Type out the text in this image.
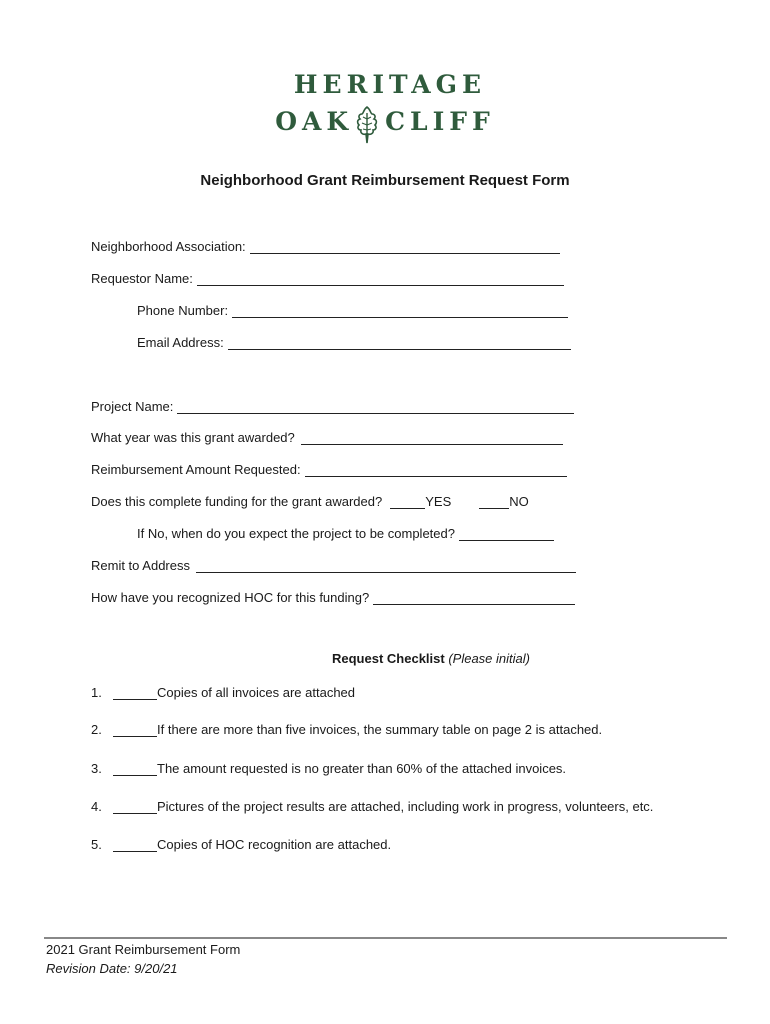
HERITAGE
OAK CLIFF
Neighborhood Grant Reimbursement Request Form
Neighborhood Association:
Requestor Name:
Phone Number:
Email Address:
Project Name:
What year was this grant awarded?
Reimbursement Amount Requested:
Does this complete funding for the grant awarded?	YES	NO
If No, when do you expect the project to be completed?
Remit to Address
How have you recognized HOC for this funding?
Request Checklist (Please initial)
1.	Copies of all invoices are attached
2.	If there are more than five invoices, the summary table on page 2 is attached.
3.	The amount requested is no greater than 60% of the attached invoices.
4.	Pictures of the project results are attached, including work in progress, volunteers, etc.
5.	Copies of HOC recognition are attached.
2021 Grant Reimbursement Form
Revision Date: 9/20/21
